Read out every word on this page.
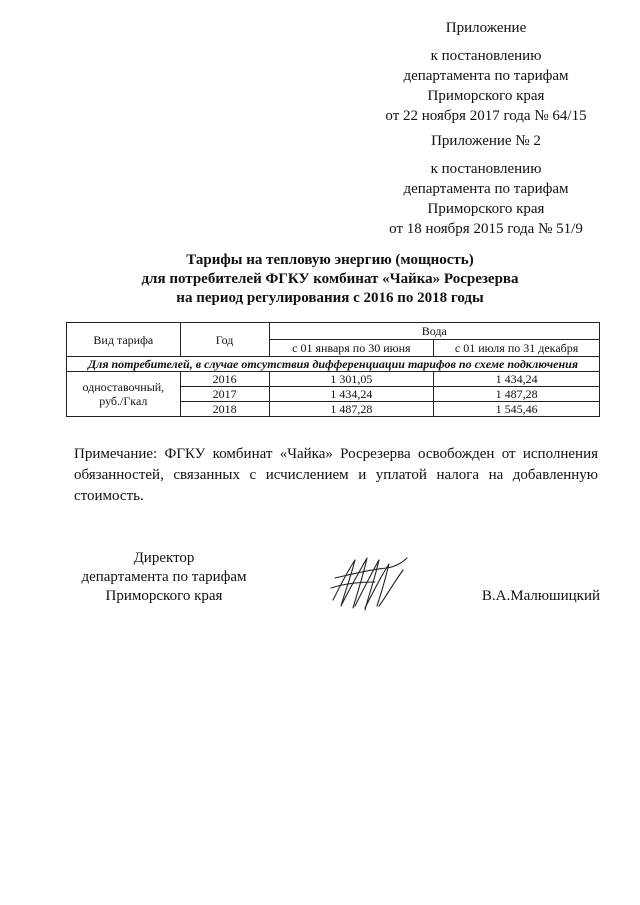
Приложение
к постановлению
департамента по тарифам
Приморского края
от 22 ноября 2017 года № 64/15
Приложение № 2
к постановлению
департамента по тарифам
Приморского края
от 18 ноября 2015 года № 51/9
Тарифы на тепловую энергию (мощность)
для потребителей ФГКУ комбинат «Чайка» Росрезерва
на период регулирования с 2016 по 2018 годы
Вид тарифа	Год	Вода	
		с 01 января по 30 июня	с 01 июля по 31 декабря
Для потребителей, в случае отсутствия дифференциации тарифов по схеме подключения			

одноставочный,
руб./Гкал	2016	1 301,05	1 434,24
	2017	1 434,24	1 487,28
	2018	1 487,28	1 545,46
Примечание: ФГКУ комбинат «Чайка» Росрезерва освобожден от исполнения обязанностей, связанных с исчислением и уплатой налога на добавленную стоимость.
Директор
департамента по тарифам
Приморского края	В.А.Малюшицкий
